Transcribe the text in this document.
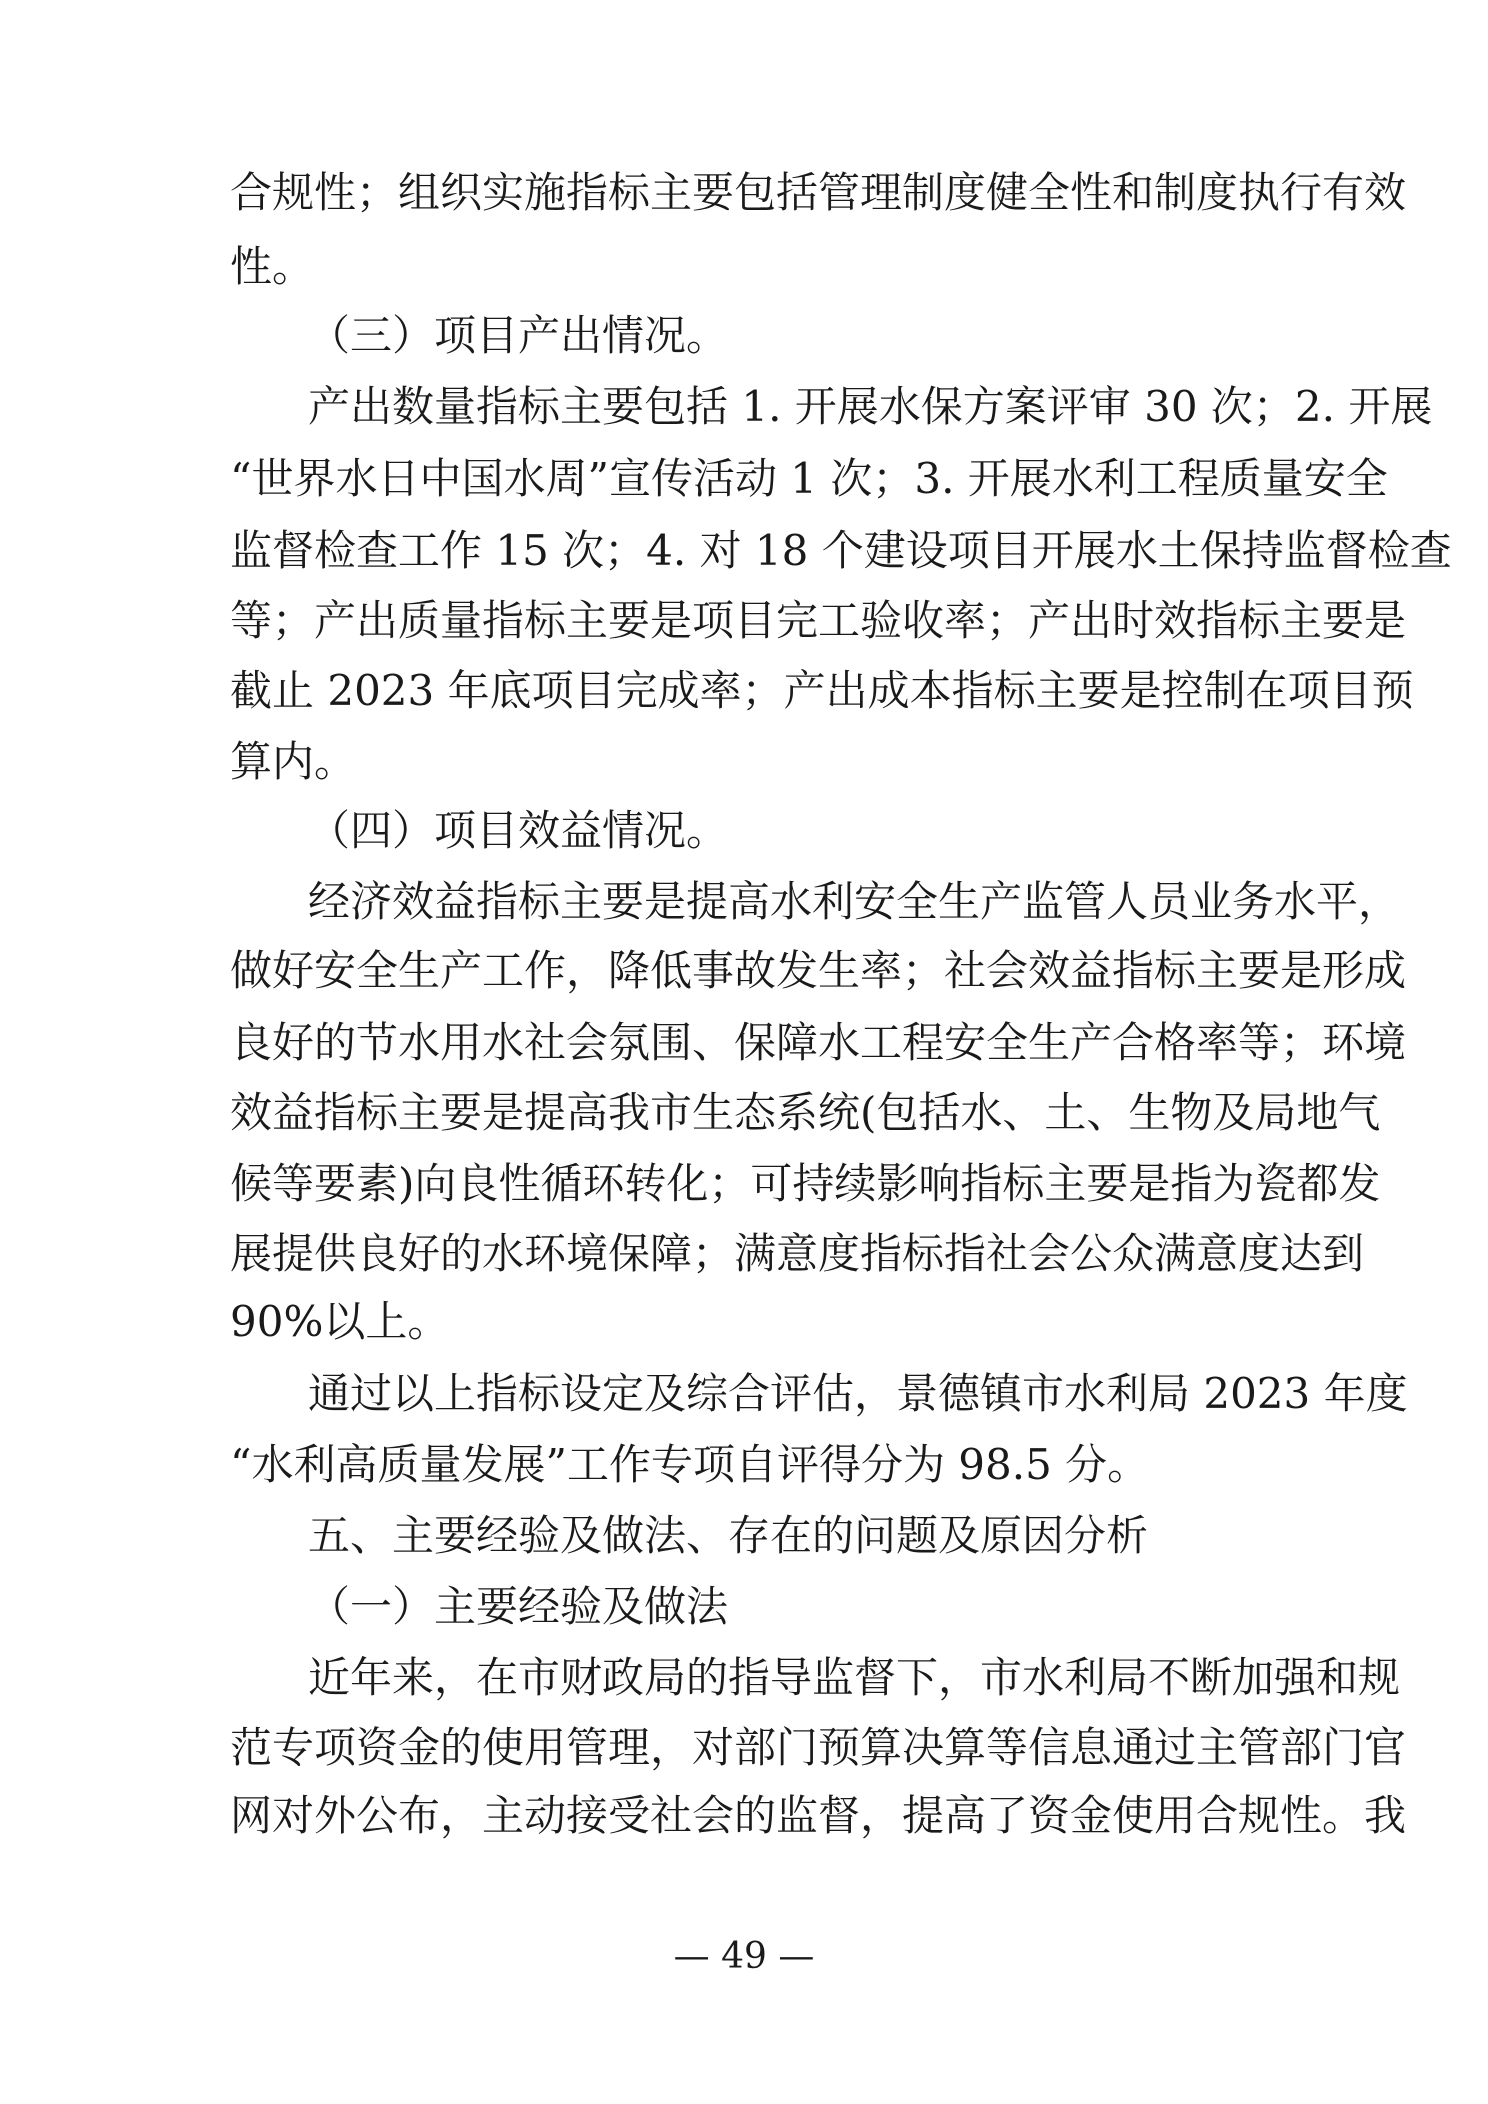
合规性；组织实施指标主要包括管理制度健全性和制度执行有效
性。
（三）项目产出情况。
产出数量指标主要包括 1. 开展水保方案评审 30 次；2. 开展
“世界水日中国水周”宣传活动 1 次；3. 开展水利工程质量安全
监督检查工作 15 次；4. 对 18 个建设项目开展水土保持监督检查
等；产出质量指标主要是项目完工验收率；产出时效指标主要是
截止 2023 年底项目完成率；产出成本指标主要是控制在项目预
算内。
（四）项目效益情况。
经济效益指标主要是提高水利安全生产监管人员业务水平，
做好安全生产工作，降低事故发生率；社会效益指标主要是形成
良好的节水用水社会氛围、保障水工程安全生产合格率等；环境
效益指标主要是提高我市生态系统(包括水、土、生物及局地气
候等要素)向良性循环转化；可持续影响指标主要是指为瓷都发
展提供良好的水环境保障；满意度指标指社会公众满意度达到
90%以上。
通过以上指标设定及综合评估，景德镇市水利局 2023 年度
“水利高质量发展”工作专项自评得分为 98.5 分。
五、主要经验及做法、存在的问题及原因分析
（一）主要经验及做法
近年来，在市财政局的指导监督下，市水利局不断加强和规
范专项资金的使用管理，对部门预算决算等信息通过主管部门官
网对外公布，主动接受社会的监督，提高了资金使用合规性。我
— 49 —
